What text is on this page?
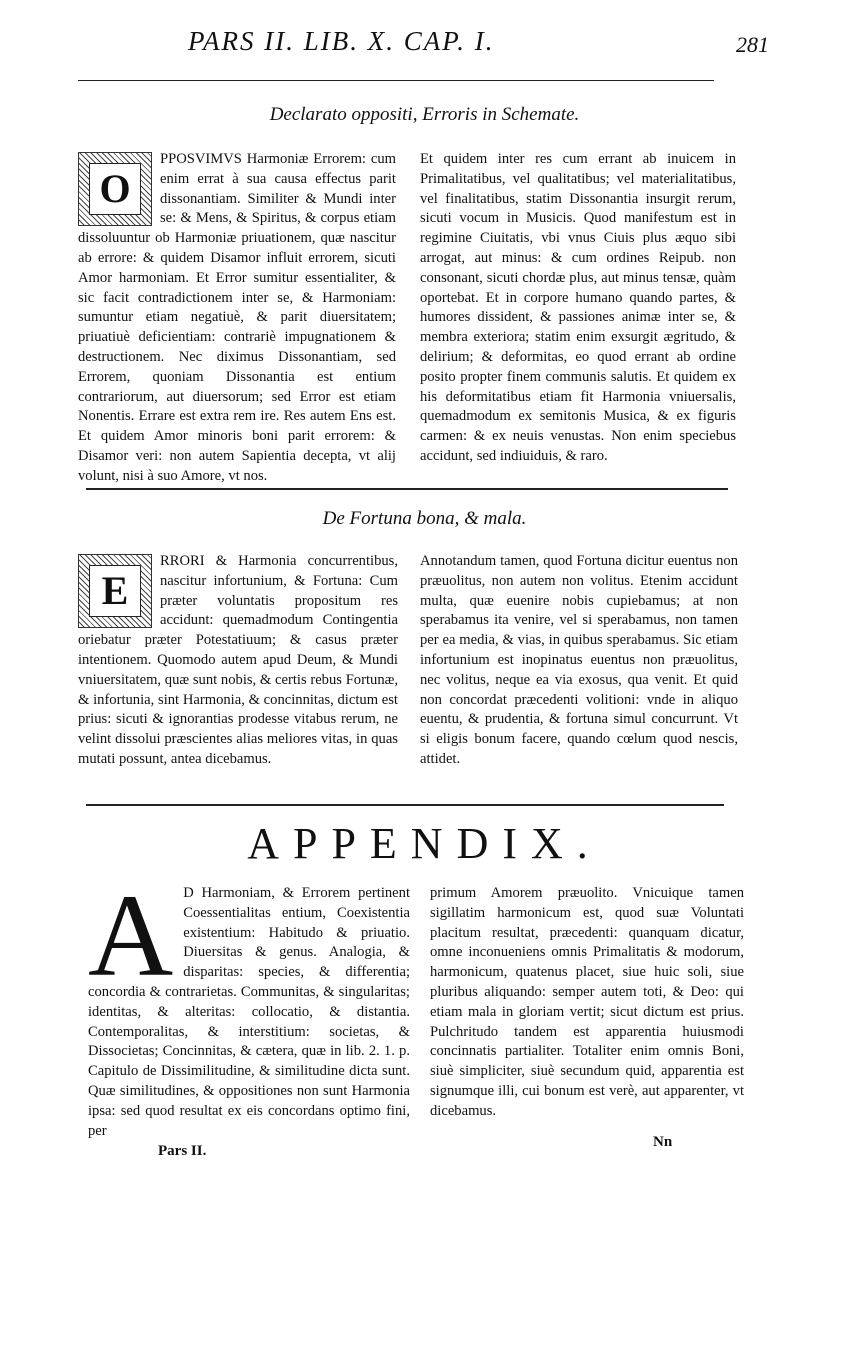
PARS II. LIB. X. CAP. I.	281
Declarato oppositi, Erroris in Schemate.
O

PPOSVIMVS Harmoniæ Errorem: cum enim errat à sua causa effectus parit dissonantiam. Similiter & Mundi inter se: & Mens, & Spiritus, & corpus etiam dissoluuntur ob Harmoniæ priuationem, quæ nascitur ab errore: & quidem Disamor influit errorem, sicuti Amor harmoniam. Et Error sumitur essentialiter, & sic facit contradictionem inter se, & Harmoniam: sumuntur etiam negatiuè, & parit diuersitatem; priuatiuè deficientiam: contrariè impugnationem & destructionem. Nec diximus Dissonantiam, sed Errorem, quoniam Dissonantia est entium contrariorum, aut diuersorum; sed Error est etiam Nonentis. Errare est extra rem ire. Res autem Ens est. Et quidem Amor minoris boni parit errorem: & Disamor veri: non autem Sapientia decepta, vt alij volunt, nisi à suo Amore, vt nos.

Et quidem inter res cum errant ab inuicem in Primalitatibus, vel qualitatibus; vel materialitatibus, vel finalitatibus, statim Dissonantia insurgit rerum, sicuti vocum in Musicis. Quod manifestum est in regimine Ciuitatis, vbi vnus Ciuis plus æquo sibi arrogat, aut minus: & cum ordines Reipub. non consonant, sicuti chordæ plus, aut minus tensæ, quàm oportebat. Et in corpore humano quando partes, & humores dissident, & passiones animæ inter se, & membra exteriora; statim enim exsurgit ægritudo, & delirium; & deformitas, eo quod errant ab ordine posito propter finem communis salutis. Et quidem ex his deformitatibus etiam fit Harmonia vniuersalis, quemadmodum ex semitonis Musica, & ex figuris carmen: & ex neuis venustas. Non enim speciebus accidunt, sed indiuiduis, & raro.

De Fortuna bona, & mala.
E

RRORI & Harmonia concurrentibus, nascitur infortunium, & Fortuna: Cum præter voluntatis propositum res accidunt: quemadmodum Contingentia oriebatur præter Potestatiuum; & casus præter intentionem. Quomodo autem apud Deum, & Mundi vniuersitatem, quæ sunt nobis, & certis rebus Fortunæ, & infortunia, sint Harmonia, & concinnitas, dictum est prius: sicuti & ignorantias prodesse vitabus rerum, ne velint dissolui præscientes alias meliores vitas, in quas mutati possunt, antea dicebamus.

Annotandum tamen, quod Fortuna dicitur euentus non præuolitus, non autem non volitus. Etenim accidunt multa, quæ euenire nobis cupiebamus; at non sperabamus ita venire, vel si sperabamus, non tamen per ea media, & vias, in quibus sperabamus. Sic etiam infortunium est inopinatus euentus non præuolitus, nec volitus, neque ea via exosus, qua venit. Et quid non concordat præcedenti volitioni: vnde in aliquo euentu, & prudentia, & fortuna simul concurrunt. Vt si eligis bonum facere, quando cœlum quod nescis, attidet.

APPENDIX.
A D Harmoniam, & Errorem pertinent Coessentialitas entium, Coexistentia existentium: Habitudo & priuatio. Diuersitas & genus. Analogia, & disparitas: species, & differentia; concordia & contrarietas. Communitas, & singularitas; identitas, & alteritas: collocatio, & distantia. Contemporalitas, & interstitium: societas, & Dissocietas; Concinnitas, & cætera, quæ in lib. 2. 1. p. Capitulo de Dissimilitudine, & similitudine dicta sunt. Quæ similitudines, & oppositiones non sunt Harmonia ipsa: sed quod resultat ex eis concordans optimo fini, per

primum Amorem præuolito. Vnicuique tamen sigillatim harmonicum est, quod suæ Voluntati placitum resultat, præcedenti: quanquam dicatur, omne inconueniens omnis Primalitatis & modorum, harmonicum, quatenus placet, siue huic soli, siue pluribus aliquando: semper autem toti, & Deo: qui etiam mala in gloriam vertit; sicut dictum est prius. Pulchritudo tandem est apparentia huiusmodi concinnatis partialiter. Totaliter enim omnis Boni, siuè simpliciter, siuè secundum quid, apparentia est signumque illi, cui bonum est verè, aut apparenter, vt dicebamus.

Pars II.
Nn
